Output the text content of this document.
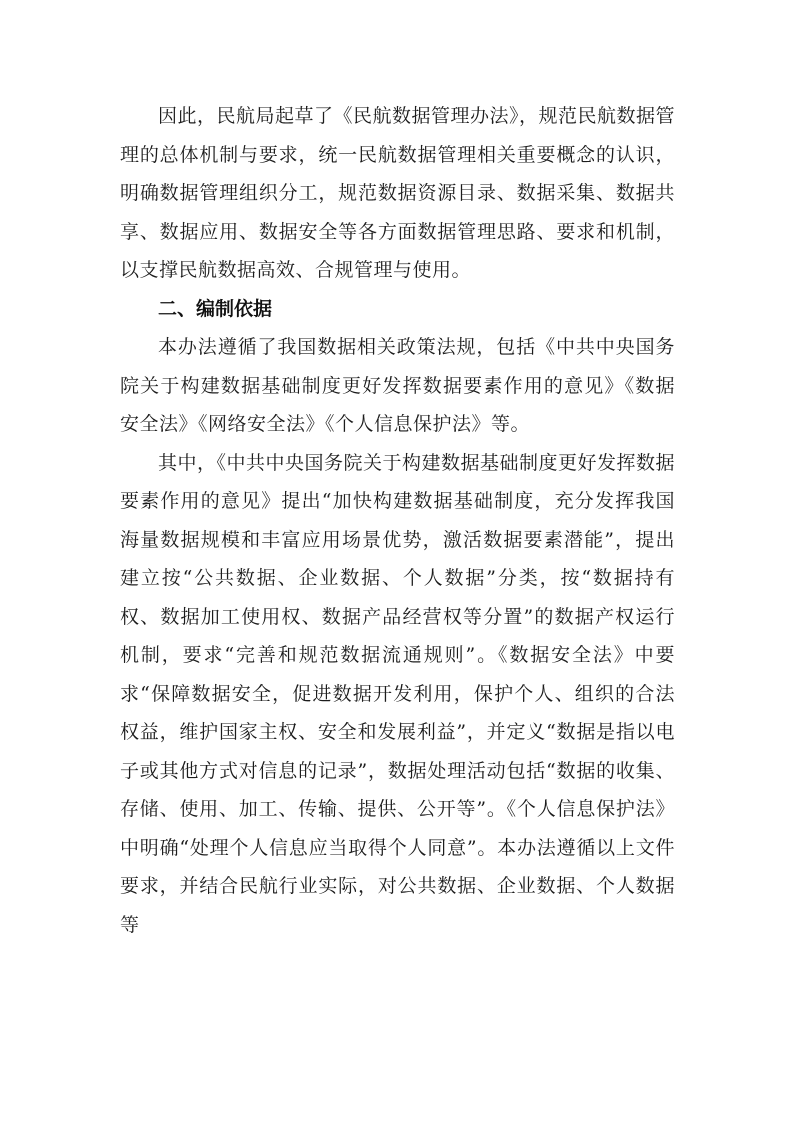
因此，民航局起草了《民航数据管理办法》，规范民航数据管理的总体机制与要求，统一民航数据管理相关重要概念的认识，明确数据管理组织分工，规范数据资源目录、数据采集、数据共享、数据应用、数据安全等各方面数据管理思路、要求和机制，以支撑民航数据高效、合规管理与使用。

二、编制依据

本办法遵循了我国数据相关政策法规，包括《中共中央国务院关于构建数据基础制度更好发挥数据要素作用的意见》《数据安全法》《网络安全法》《个人信息保护法》等。

其中，《中共中央国务院关于构建数据基础制度更好发挥数据要素作用的意见》提出“加快构建数据基础制度，充分发挥我国海量数据规模和丰富应用场景优势，激活数据要素潜能”，提出建立按“公共数据、企业数据、个人数据”分类，按“数据持有权、数据加工使用权、数据产品经营权等分置”的数据产权运行机制，要求“完善和规范数据流通规则”。《数据安全法》中要求“保障数据安全，促进数据开发利用，保护个人、组织的合法权益，维护国家主权、安全和发展利益”，并定义“数据是指以电子或其他方式对信息的记录”，数据处理活动包括“数据的收集、存储、使用、加工、传输、提供、公开等”。《个人信息保护法》中明确“处理个人信息应当取得个人同意”。本办法遵循以上文件要求，并结合民航行业实际，对公共数据、企业数据、个人数据等
